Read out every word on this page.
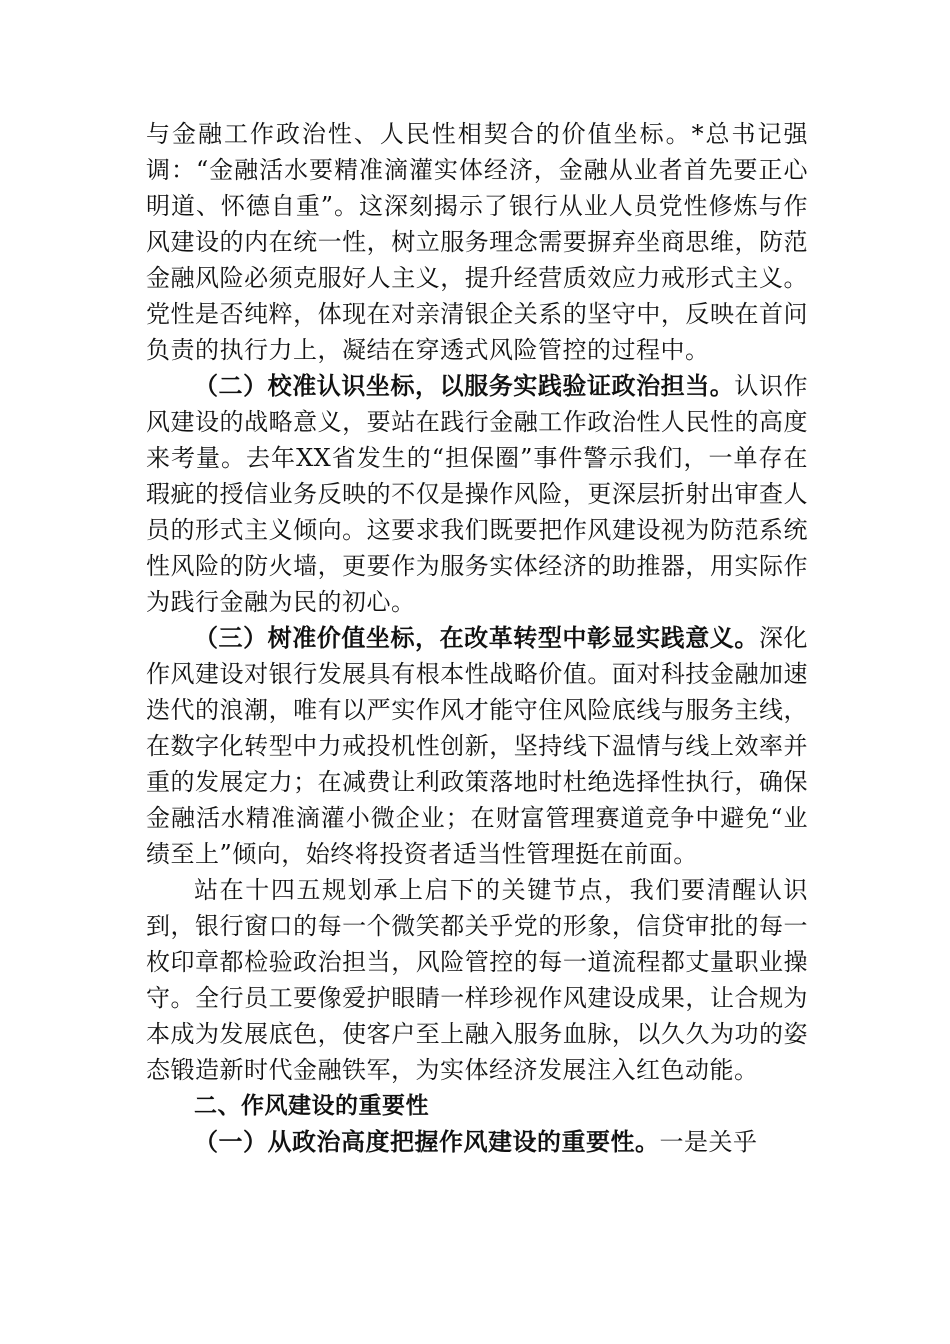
与金融工作政治性、人民性相契合的价值坐标。*总书记强调：“金融活水要精准滴灌实体经济，金融从业者首先要正心明道、怀德自重”。这深刻揭示了银行从业人员党性修炼与作风建设的内在统一性，树立服务理念需要摒弃坐商思维，防范金融风险必须克服好人主义，提升经营质效应力戒形式主义。党性是否纯粹，体现在对亲清银企关系的坚守中，反映在首问负责的执行力上，凝结在穿透式风险管控的过程中。

（二）校准认识坐标，以服务实践验证政治担当。认识作风建设的战略意义，要站在践行金融工作政治性人民性的高度来考量。去年XX省发生的“担保圈”事件警示我们，一单存在瑕疵的授信业务反映的不仅是操作风险，更深层折射出审查人员的形式主义倾向。这要求我们既要把作风建设视为防范系统性风险的防火墙，更要作为服务实体经济的助推器，用实际作为践行金融为民的初心。

（三）树准价值坐标，在改革转型中彰显实践意义。深化作风建设对银行发展具有根本性战略价值。面对科技金融加速迭代的浪潮，唯有以严实作风才能守住风险底线与服务主线，在数字化转型中力戒投机性创新，坚持线下温情与线上效率并重的发展定力；在减费让利政策落地时杜绝选择性执行，确保金融活水精准滴灌小微企业；在财富管理赛道竞争中避免“业绩至上”倾向，始终将投资者适当性管理挺在前面。

站在十四五规划承上启下的关键节点，我们要清醒认识到，银行窗口的每一个微笑都关乎党的形象，信贷审批的每一枚印章都检验政治担当，风险管控的每一道流程都丈量职业操守。全行员工要像爱护眼睛一样珍视作风建设成果，让合规为本成为发展底色，使客户至上融入服务血脉，以久久为功的姿态锻造新时代金融铁军，为实体经济发展注入红色动能。

二、作风建设的重要性

（一）从政治高度把握作风建设的重要性。一是关乎
